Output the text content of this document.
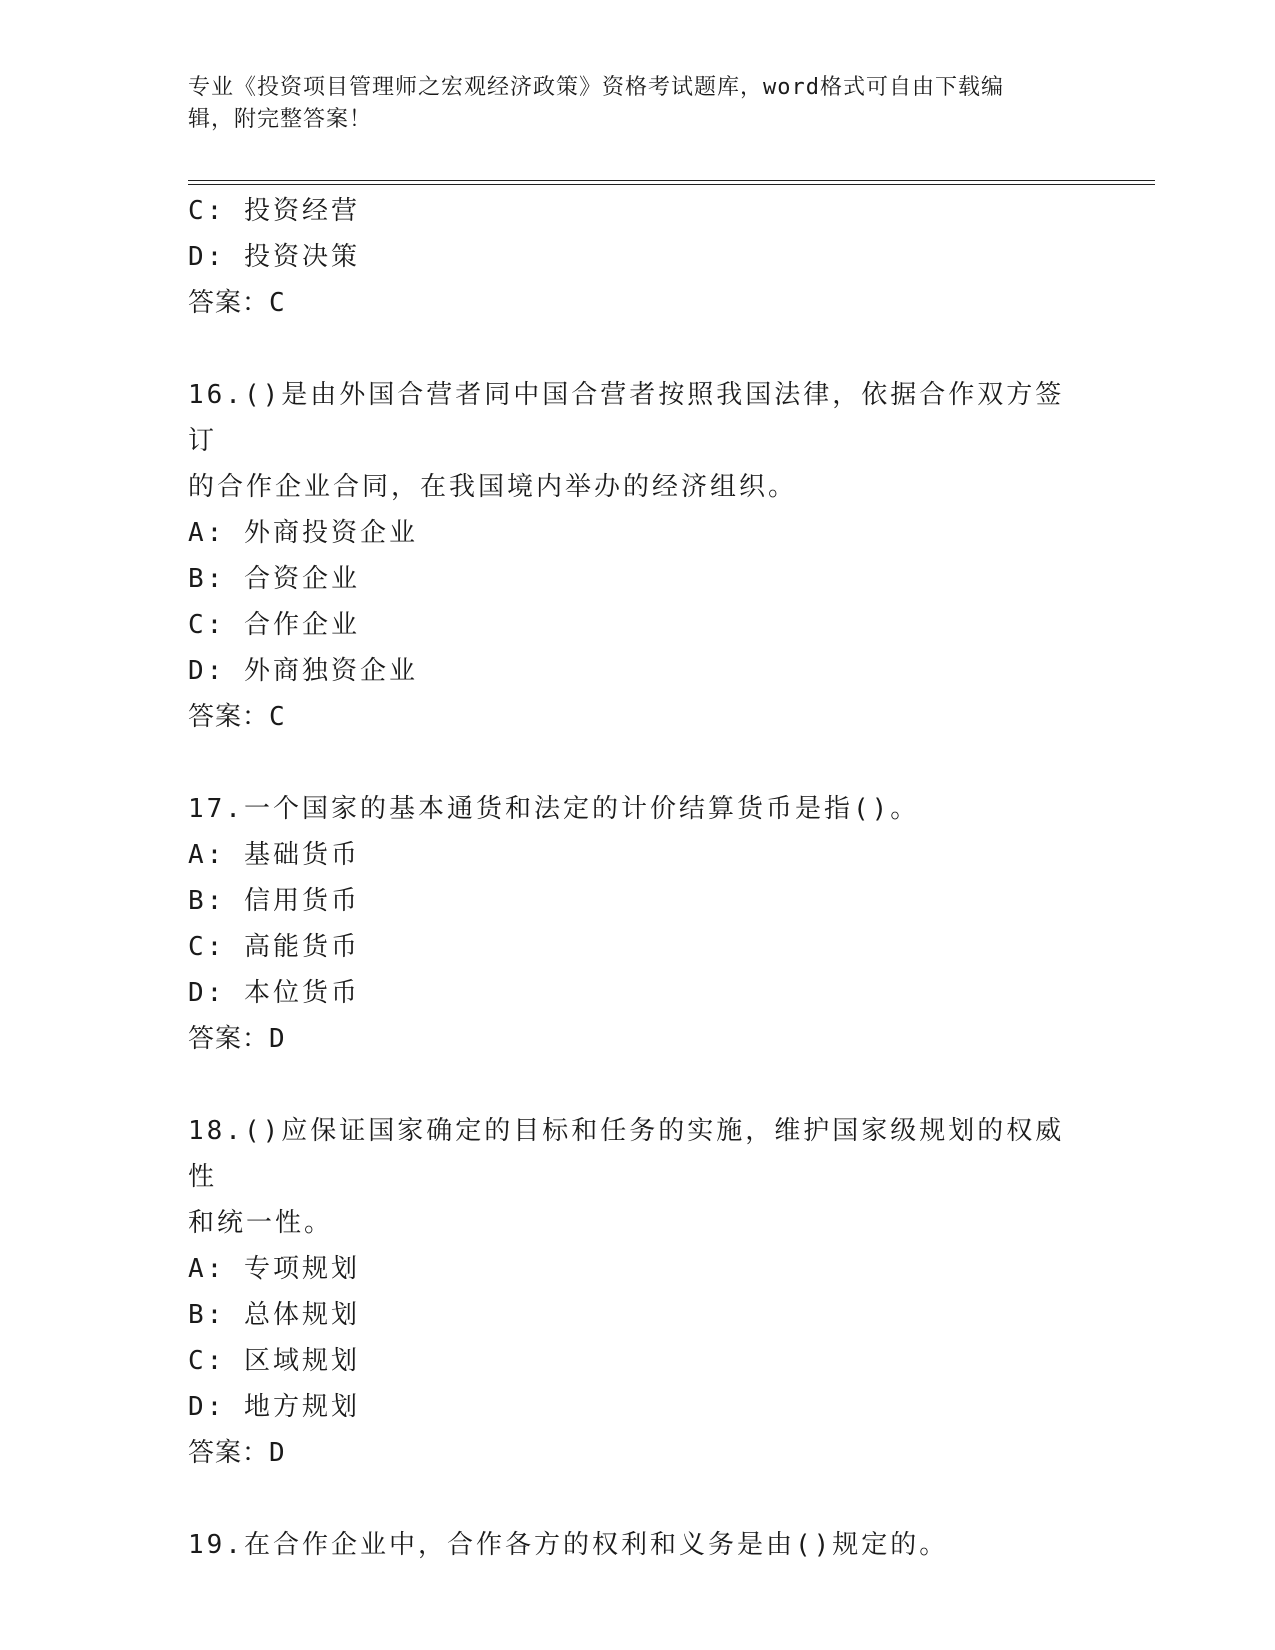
专业《投资项目管理师之宏观经济政策》资格考试题库，word格式可自由下载编
辑，附完整答案！
C: 投资经营
D: 投资决策
答案：C
16.()是由外国合营者同中国合营者按照我国法律，依据合作双方签订
的合作企业合同，在我国境内举办的经济组织。
A: 外商投资企业
B: 合资企业
C: 合作企业
D: 外商独资企业
答案：C
17.一个国家的基本通货和法定的计价结算货币是指()。
A: 基础货币
B: 信用货币
C: 高能货币
D: 本位货币
答案：D
18.()应保证国家确定的目标和任务的实施，维护国家级规划的权威性
和统一性。
A: 专项规划
B: 总体规划
C: 区域规划
D: 地方规划
答案：D
19.在合作企业中，合作各方的权利和义务是由()规定的。
